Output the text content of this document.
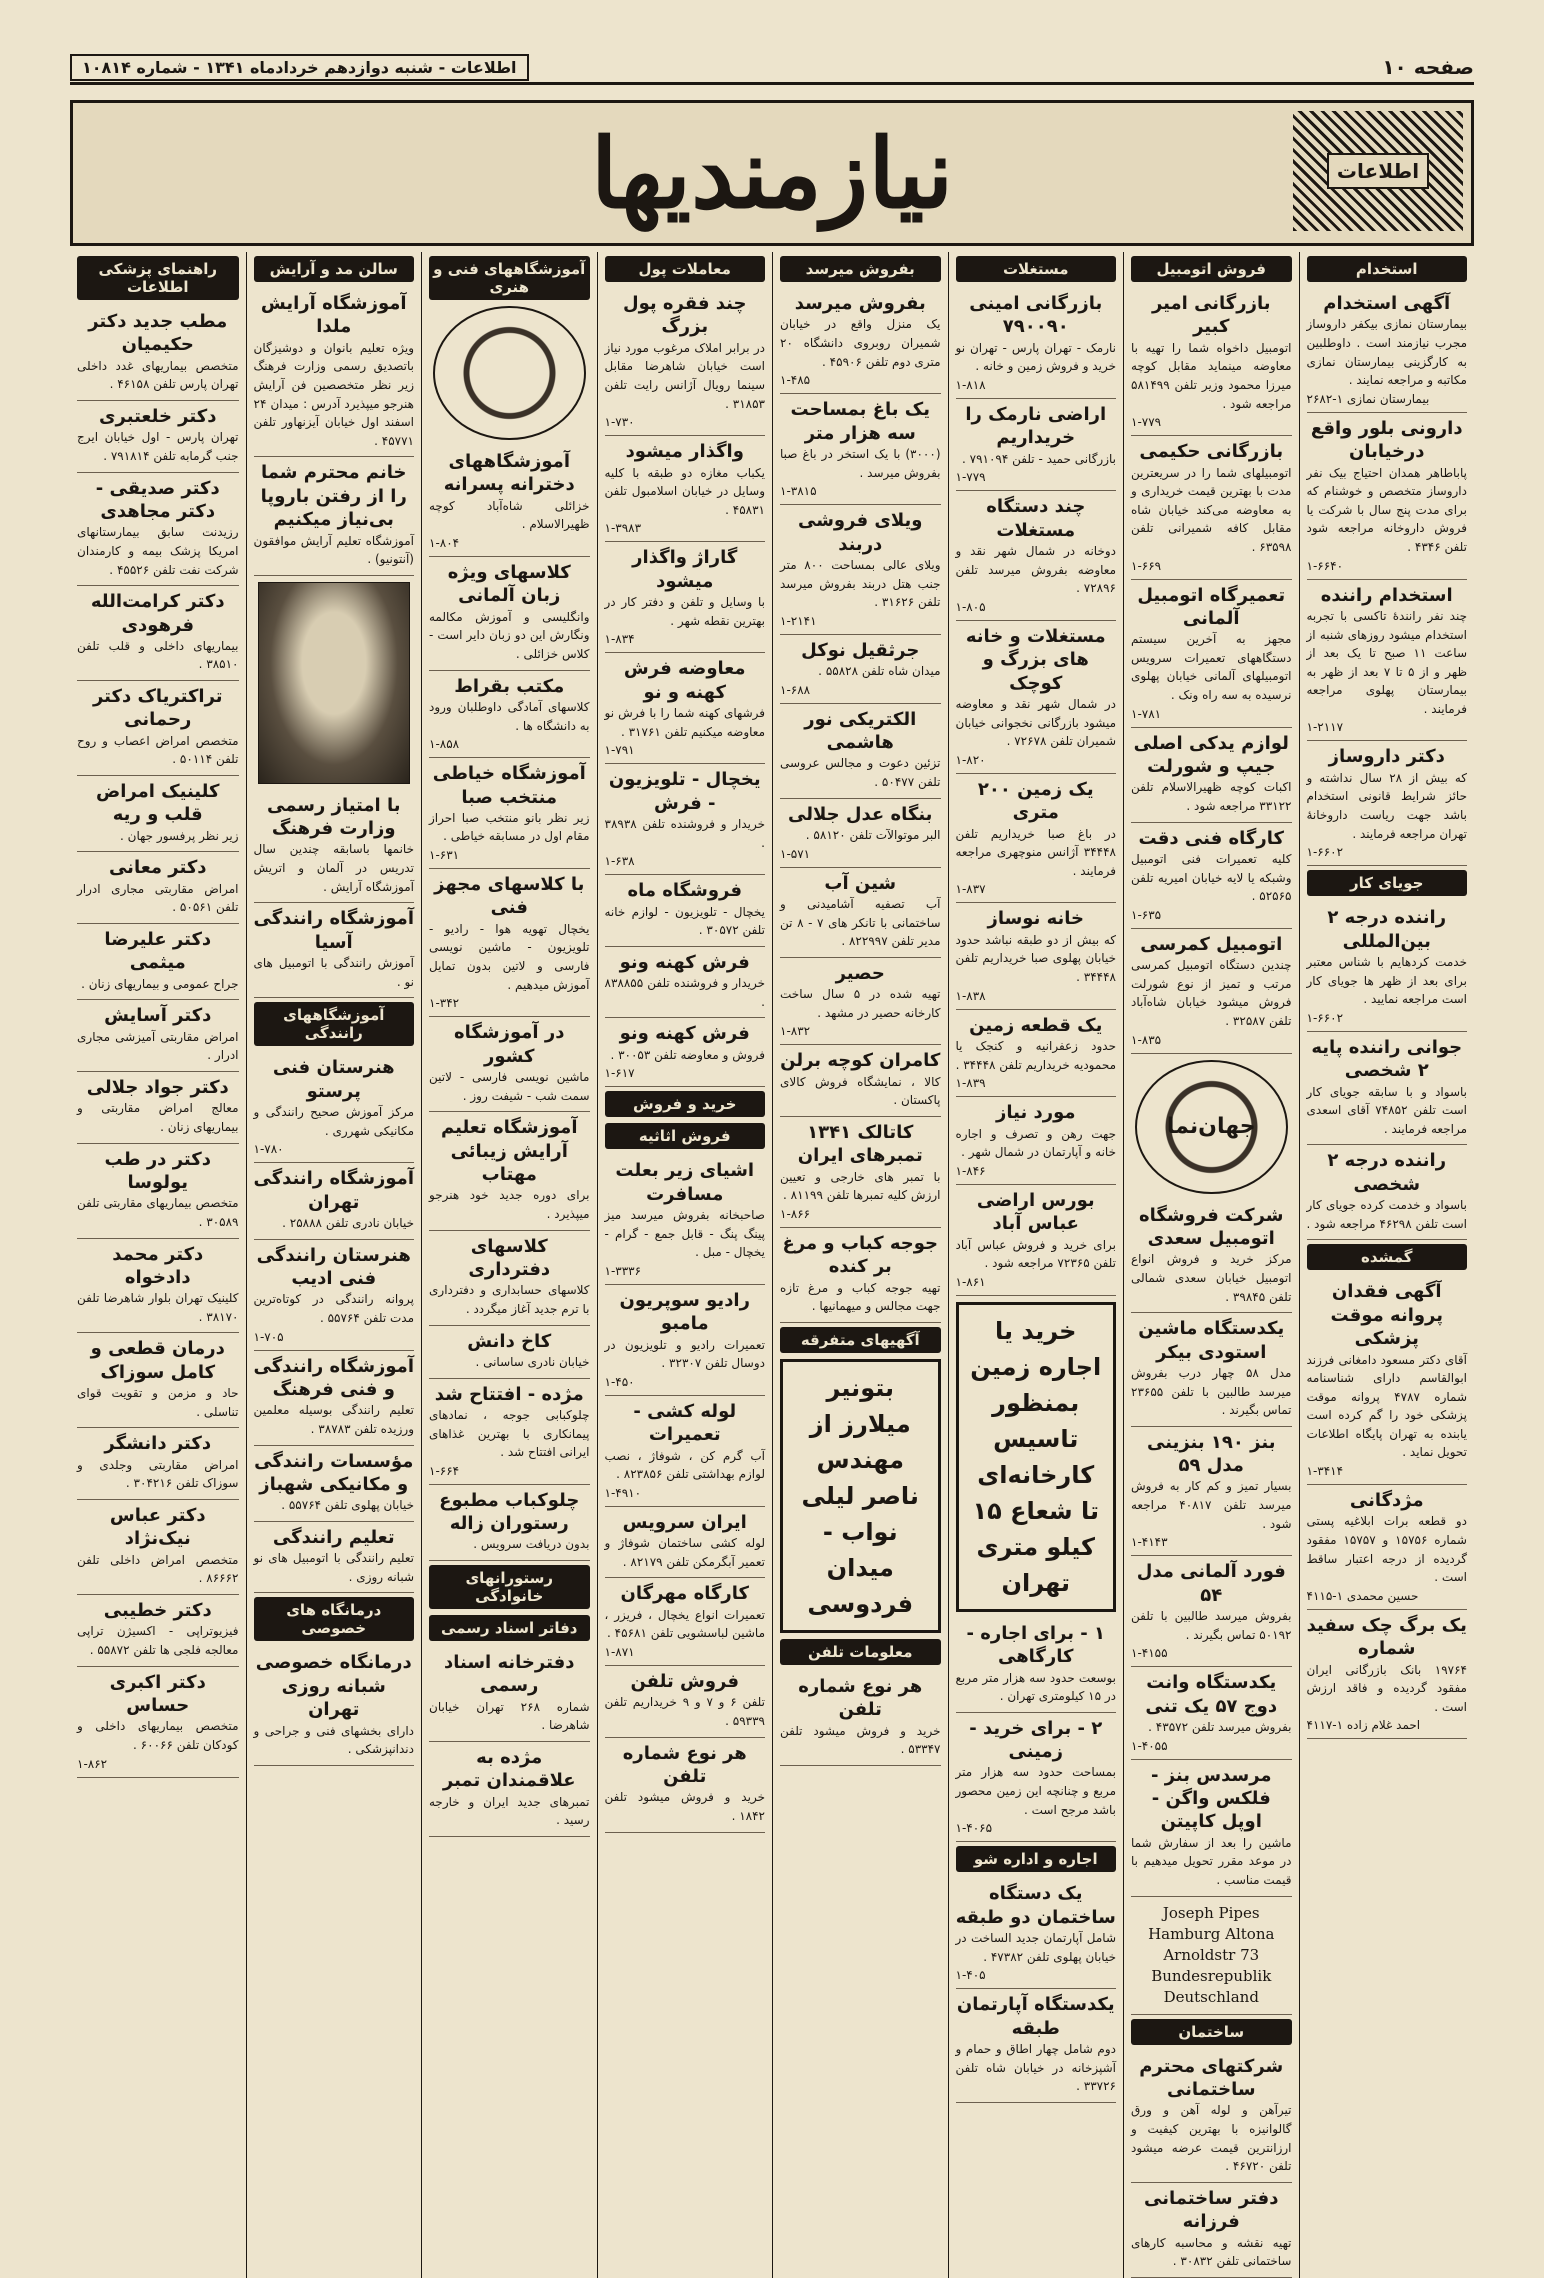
صفحه ۱۰
اطلاعات - شنبه دوازدهم خردادماه ۱۳۴۱ - شماره ۱۰۸۱۴
اطلاعات
نیازمندیها
استخدام
آگهی استخدام
بیمارستان نمازی بیکفر داروساز مجرب نیازمند است . داوطلبین به کارگزینی بیمارستان نمازی مکاتبه و مراجعه نمایند .
بیمارستان نمازی ۱-۲۶۸۲
دارونی بلور واقع درخیابان
پاباطاهر همدان احتیاج بیک نفر داروساز متخصص و خوشنام که برای مدت پنج سال با شرکت یا فروش داروخانه مراجعه شود تلفن ۴۳۴۶ .
۱-۶۶۴۰
استخدام راننده
چند نفر رانندهٔ تاکسی با تجربه استخدام میشود روزهای شنبه از ساعت ۱۱ صبح تا یک بعد از ظهر و از ۵ تا ۷ بعد از ظهر به بیمارستان پهلوی مراجعه فرمایند .
۱-۲۱۱۷
دکتر داروساز
که بیش از ۲۸ سال نداشته و حائز شرایط قانونی استخدام باشد جهت ریاست داروخانهٔ تهران مراجعه فرمایند .
۱-۶۶۰۲
جویای کار
راننده درجه ۲ بین‌المللی
خدمت کردهایم با شناس معتبر برای بعد از ظهر ها جویای کار است مراجعه نمایید .
۱-۶۶۰۲
جوانی راننده پایه ۲ شخصی
باسواد و با سابقه جویای کار است تلفن ۷۴۸۵۲ آقای اسعدی مراجعه فرمایند .
راننده درجه ۲ شخصی
باسواد و خدمت کرده جویای کار است تلفن ۴۶۲۹۸ مراجعه شود .
گمشده
آگهی فقدان پروانه موقت پزشکی
آقای دکتر مسعود دامغانی فرزند ابوالقاسم دارای شناسنامه شماره ۴۷۸۷ پروانه موقت پزشکی خود را گم کرده است یابنده به تهران پایگاه اطلاعات تحویل نماید .
۱-۳۴۱۴
مژدگانی
دو قطعه برات ابلاغیه پستی شماره ۱۵۷۵۶ و ۱۵۷۵۷ مفقود گردیده از درجه اعتبار ساقط است .
حسین محمدی ۱-۴۱۱۵
یک برگ چک سفید شماره
۱۹۷۶۴ بانک بازرگانی ایران مفقود گردیده و فاقد ارزش است .
احمد غلام زاده ۱-۴۱۱۷
فروش اتومبیل
بازرگانی امیر کبیر
اتومبیل داخواه شما را تهیه با معاوضه مینماید مقابل کوچه میرزا محمود وزیر تلفن ۵۸۱۴۹۹ مراجعه شود .
۱-۷۷۹
بازرگانی حکیمی
اتومبیلهای شما را در سریعترین مدت با بهترین قیمت خریداری و به معاوضه می‌کند خیابان شاه مقابل کافه شمیرانی تلفن ۶۳۵۹۸ .
۱-۶۶۹
تعمیرگاه اتومبیل آلمانی
مجهز به آخرین سیستم دستگاههای تعمیرات سرویس اتومبیلهای آلمانی خیابان پهلوی نرسیده به سه راه ونک .
۱-۷۸۱
لوازم یدکی اصلی جیپ و شورلت
اکبات کوچه ظهیرالاسلام تلفن ۳۳۱۲۲ مراجعه شود .
کارگاه فنی دقت
کلیه تعمیرات فنی اتومبیل وشبکه یا لایه خیابان امیریه تلفن ۵۲۵۶۵ .
۱-۶۳۵
اتومبیل کمرسی
چندین دستگاه اتومبیل کمرسی مرتب و تمیز از نوع شورلت فروش میشود خیابان شاه‌آباد تلفن ۳۲۵۸۷ .
۱-۸۳۵
جهان‌نما
شرکت فروشگاه اتومبیل سعدی
مرکز خرید و فروش انواع اتومبیل خیابان سعدی شمالی تلفن ۳۹۸۴۵ .
یکدستگاه ماشین استودی بیکر
مدل ۵۸ چهار درب بفروش میرسد طالبین با تلفن ۲۳۶۵۵ تماس بگیرند .
بنز ۱۹۰ بنزینی مدل ۵۹
بسیار تمیز و کم کار به فروش میرسد تلفن ۴۰۸۱۷ مراجعه شود .
۱-۴۱۴۳
فورد آلمانی مدل ۵۴
بفروش میرسد طالبین با تلفن ۵۰۱۹۲ تماس بگیرند .
۱-۴۱۵۵
یکدستگاه وانت دوج ۵۷ یک تنی
بفروش میرسد تلفن ۴۳۵۷۲ .
۱-۴۰۵۵
مرسدس بنز - فلکس واگن - اوپل کاپیتن
ماشین را بعد از سفارش شما در موعد مقرر تحویل میدهیم با قیمت مناسب .
Joseph Pipes Hamburg Altona Arnoldstr 73 Bundesrepublik Deutschland
ساختمان
شرکتهای محترم ساختمانی
تیرآهن و لوله آهن و ورق گالوانیزه با بهترین کیفیت و ارزانترین قیمت عرضه میشود تلفن ۴۶۷۲۰ .
دفتر ساختمانی فرزانه
تهیه نقشه و محاسبه کارهای ساختمانی تلفن ۳۰۸۳۲ .
مستغلات
بازرگانی امینی ۷۹۰۰۹۰
نارمک - تهران پارس - تهران نو خرید و فروش زمین و خانه .
۱-۸۱۸
اراضی نارمک را خریداریم
بازرگانی حمید - تلفن ۷۹۱۰۹۴ .
۱-۷۷۹
چند دستگاه مستغلات
دوخانه در شمال شهر نقد و معاوضه بفروش میرسد تلفن ۷۲۸۹۶ .
۱-۸۰۵
مستغلات و خانه های بزرگ و کوچک
در شمال شهر نقد و معاوضه میشود بازرگانی نخجوانی خیابان شمیران تلفن ۷۲۶۷۸ .
۱-۸۲۰
یک زمین ۲۰۰ متری
در باغ صبا خریداریم تلفن ۳۴۴۴۸ آژانس منوچهری مراجعه فرمایند .
۱-۸۳۷
خانه نوساز
که بیش از دو طبقه نباشد حدود خیابان پهلوی صبا خریداریم تلفن ۳۴۴۴۸ .
۱-۸۳۸
یک قطعه زمین
حدود زعفرانیه و کنجک یا محمودیه خریداریم تلفن ۳۴۴۴۸ .
۱-۸۳۹
مورد نیاز
جهت رهن و تصرف و اجاره خانه و آپارتمان در شمال شهر .
۱-۸۴۶
بورس اراضی عباس آباد
برای خرید و فروش عباس آباد تلفن ۷۲۳۶۵ مراجعه شود .
۱-۸۶۱
خرید یا اجاره زمین بمنظور تاسیس کارخانه‌ای تا شعاع ۱۵ کیلو متری تهران
۱ - برای اجاره - کارگاهی
بوسعت حدود سه هزار متر مربع در ۱۵ کیلومتری تهران .
۲ - برای خرید - زمینی
بمساحت حدود سه هزار متر مربع و چنانچه این زمین محصور باشد مرجح است .
۱-۴۰۶۵
اجاره و اداره شو
یک دستگاه ساختمان دو طبقه
شامل آپارتمان جدید الساخت در خیابان پهلوی تلفن ۴۷۳۸۲ .
۱-۴۰۵
یکدستگاه آپارتمان طبقه
دوم شامل چهار اطاق و حمام و آشپزخانه در خیابان شاه تلفن ۳۳۷۲۶ .
بفروش میرسد
بفروش میرسد
یک منزل واقع در خیابان شمیران روبروی دانشگاه ۲۰ متری دوم تلفن ۴۵۹۰۶ .
۱-۴۸۵
یک باغ بمساحت سه هزار متر
(۳۰۰۰) با یک استخر در باغ صبا بفروش میرسد .
۱-۳۸۱۵
ویلای فروشی دربند
ویلای عالی بمساحت ۸۰۰ متر جنب هتل دربند بفروش میرسد تلفن ۳۱۶۲۶ .
۱-۲۱۴۱
جرثقیل نوکل
میدان شاه تلفن ۵۵۸۲۸ .
۱-۶۸۸
الکتریکی نور هاشمی
تزئین دعوت و مجالس عروسی تلفن ۵۰۴۷۷ .
بنگاه عدل جلالی
البر موتوالآت تلفن ۵۸۱۲۰ .
۱-۵۷۱
شین آب
آب تصفیه آشامیدنی و ساختمانی با تانکر های ۷ - ۸ تن مدیر تلفن ۸۲۲۹۹۷ .
حصیر
تهیه شده در ۵ سال ساخت کارخانه حصیر در مشهد .
۱-۸۳۲
کامران کوچه برلن
کالا ، نمایشگاه فروش کالای پاکستان .
کاتالک ۱۳۴۱ تمبرهای ایران
با تمبر های خارجی و تعیین ارزش کلیه تمبرها تلفن ۸۱۱۹۹ .
۱-۸۶۶
جوجه کباب و مرغ بر کنده
تهیه جوجه کباب و مرغ تازه جهت مجالس و میهمانیها .
آگهیهای متفرقه
بتونیر میلارز از مهندس ناصر لیلی نواب - میدان فردوسی
معلومات تلفن
هر نوع شماره تلفن
خرید و فروش میشود تلفن ۵۳۳۴۷ .
معاملات پول
چند فقره پول بزرگ
در برابر املاک مرغوب مورد نیاز است خیابان شاهرضا مقابل سینما رویال آژانس رایت تلفن ۳۱۸۵۳ .
۱-۷۳۰
واگذار میشود
یکباب مغازه دو طبقه با کلیه وسایل در خیابان اسلامبول تلفن ۴۵۸۳۱ .
۱-۳۹۸۳
گاراژ واگذار میشود
با وسایل و تلفن و دفتر کار در بهترین نقطه شهر .
۱-۸۳۴
معاوضه فرش کهنه و نو
فرشهای کهنه شما را با فرش نو معاوضه میکنیم تلفن ۳۱۷۶۱ .
۱-۷۹۱
یخچال - تلویزیون - فرش
خریدار و فروشنده تلفن ۳۸۹۳۸ .
۱-۶۳۸
فروشگاه ماه
یخچال - تلویزیون - لوازم خانه تلفن ۳۰۵۷۲ .
فرش کهنه ونو
خریدار و فروشنده تلفن ۸۳۸۸۵۵ .
فرش کهنه ونو
فروش و معاوضه تلفن ۳۰۰۵۳ .
۱-۶۱۷
خرید و فروش
فروش اثاثیه
اشیای زیر بعلت مسافرت
صاحبخانه بفروش میرسد میز پینگ پنگ - قابل جمع - گرام - یخچال - مبل .
۱-۳۳۳۶
رادیو سوپریون مامبو
تعمیرات رادیو و تلویزیون در دوسال تلفن ۳۲۳۰۷ .
۱-۴۵۰
لوله کشی - تعمیرات
آب گرم کن ، شوفاژ ، نصب لوازم بهداشتی تلفن ۸۲۳۸۵۶ .
۱-۴۹۱۰
ایران سرویس
لوله کشی ساختمان شوفاژ و تعمیر آبگرمکن تلفن ۸۲۱۷۹ .
کارگاه مهرگان
تعمیرات انواع یخچال ، فریزر ، ماشین لباسشویی تلفن ۴۵۶۸۱ .
۱-۸۷۱
فروش تلفن
تلفن ۶ و ۷ و ۹ خریداریم تلفن ۵۹۳۳۹ .
هر نوع شماره تلفن
خرید و فروش میشود تلفن ۱۸۴۲ .
آموزشگاههای فنی و هنری
آموزشگاههای دخترانه پسرانه
خزائلی شاه‌آباد کوچه ظهیرالاسلام .
۱-۸۰۴
کلاسهای ویژه زبان آلمانی
وانگلیسی و آموزش مکالمه ونگارش این دو زبان دایر است - کلاس خزائلی .
مکتب بقراط
کلاسهای آمادگی داوطلبان ورود به دانشگاه ها .
۱-۸۵۸
آموزشگاه خیاطی منتخب صبا
زیر نظر بانو منتخب صبا احراز مقام اول در مسابقه خیاطی .
۱-۶۳۱
با کلاسهای مجهز فنی
یخچال تهویه هوا - رادیو - تلویزیون - ماشین نویسی فارسی و لاتین بدون تمایل آموزش میدهیم .
۱-۳۴۲
در آموزشگاه کشور
ماشین نویسی فارسی - لاتین سمت شب - شیفت روز .
آموزشگاه تعلیم آرایش زیبائی مهتاب
برای دوره جدید خود هنرجو میپذیرد .
کلاسهای دفترداری
کلاسهای حسابداری و دفترداری با ترم جدید آغاز میگردد .
کاخ دانش
خیابان نادری ساسانی .
مژده - افتتاح شد
چلوکبابی جوجه ، نمادهای پیمانکاری با بهترین غذاهای ایرانی افتتاح شد .
۱-۶۶۴
چلوکباب مطبوع رستوران زاله
بدون دریافت سرویس .
رستورانهای خانوادگی
دفاتر اسناد رسمی
دفترخانه اسناد رسمی
شماره ۲۶۸ تهران خیابان شاهرضا .
مژده به علاقمندان تمبر
تمبرهای جدید ایران و خارجه رسید .
سالن مد و آرایش
آموزشگاه آرایش ملدا
ویژه تعلیم بانوان و دوشیزگان باتصدیق رسمی وزارت فرهنگ زیر نظر متخصصین فن آرایش هنرجو میپذیرد آدرس : میدان ۲۴ اسفند اول خیابان آیزنهاور تلفن ۴۵۷۷۱ .
خانم محترم شما را از رفتن باروپا بی‌نیاز میکنیم
آموزشگاه تعلیم آرایش موافقون (آنتونیو) .
با امتیاز رسمی وزارت فرهنگ
خانمها باسابقه چندین سال تدریس در آلمان و اتریش آموزشگاه آرایش .
آموزشگاه رانندگی آسیا
آموزش رانندگی با اتومبیل های نو .
آموزشگاههای رانندگی
هنرستان فنی پرستو
مرکز آموزش صحیح رانندگی و مکانیکی شهرری .
۱-۷۸۰
آموزشگاه رانندگی تهران
خیابان نادری تلفن ۲۵۸۸۸ .
هنرستان رانندگی فنی ادیب
پروانه رانندگی در کوتاه‌ترین مدت تلفن ۵۵۷۶۴ .
۱-۷۰۵
آموزشگاه رانندگی و فنی فرهنگ
تعلیم رانندگی بوسیله معلمین ورزیده تلفن ۳۸۷۸۳ .
مؤسسات رانندگی و مکانیکی شهباز
خیابان پهلوی تلفن ۵۵۷۶۴ .
تعلیم رانندگی
تعلیم رانندگی با اتومبیل های نو شبانه روزی .
درمانگاه های خصوصی
درمانگاه خصوصی شبانه روزی تهران
دارای بخشهای فنی و جراحی و دندانپزشکی .
راهنمای پزشکی اطلاعات
مطب جدید دکتر حکیمیان
متخصص بیماریهای غدد داخلی تهران پارس تلفن ۴۶۱۵۸ .
دکتر خلعتبری
تهران پارس - اول خیابان ایرج جنب گرمابه تلفن ۷۹۱۸۱۴ .
دکتر صدیقی - دکتر مجاهدی
رزیدنت سابق بیمارستانهای امریکا پزشک بیمه و کارمندان شرکت نفت تلفن ۴۵۵۲۶ .
دکتر کرامت‌الله فرهودی
بیماریهای داخلی و قلب تلفن ۳۸۵۱۰ .
تراکتریاک دکتر رحمانی
متخصص امراض اعصاب و روح تلفن ۵۰۱۱۴ .
کلینیک امراض قلب و ریه
زیر نظر پرفسور جهان .
دکتر معانی
امراض مقاربتی مجاری ادرار تلفن ۵۰۵۶۱ .
دکتر علیرضا میثمی
جراح عمومی و بیماریهای زنان .
دکتر آسایش
امراض مقاربتی آمیزشی مجاری ادرار .
دکتر جواد جلالی
معالج امراض مقاربتی و بیماریهای زنان .
دکتر در طب یولوسا
متخصص بیماریهای مقاربتی تلفن ۳۰۵۸۹ .
دکتر محمد دادخواه
کلینیک تهران بلوار شاهرضا تلفن ۳۸۱۷۰ .
درمان قطعی و کامل سوزاک
حاد و مزمن و تقویت قوای تناسلی .
دکتر دانشگر
امراض مقاربتی وجلدی و سوزاک تلفن ۳۰۴۲۱۶ .
دکتر عباس نیک‌نژاد
متخصص امراض داخلی تلفن ۸۶۶۶۲ .
دکتر خطیبی
فیزیوتراپی - اکسیژن تراپی معالجه فلجی ها تلفن ۵۵۸۷۲ .
دکتر اکبری حساس
متخصص بیماریهای داخلی و کودکان تلفن ۶۰۰۶۶ .
۱-۸۶۲
